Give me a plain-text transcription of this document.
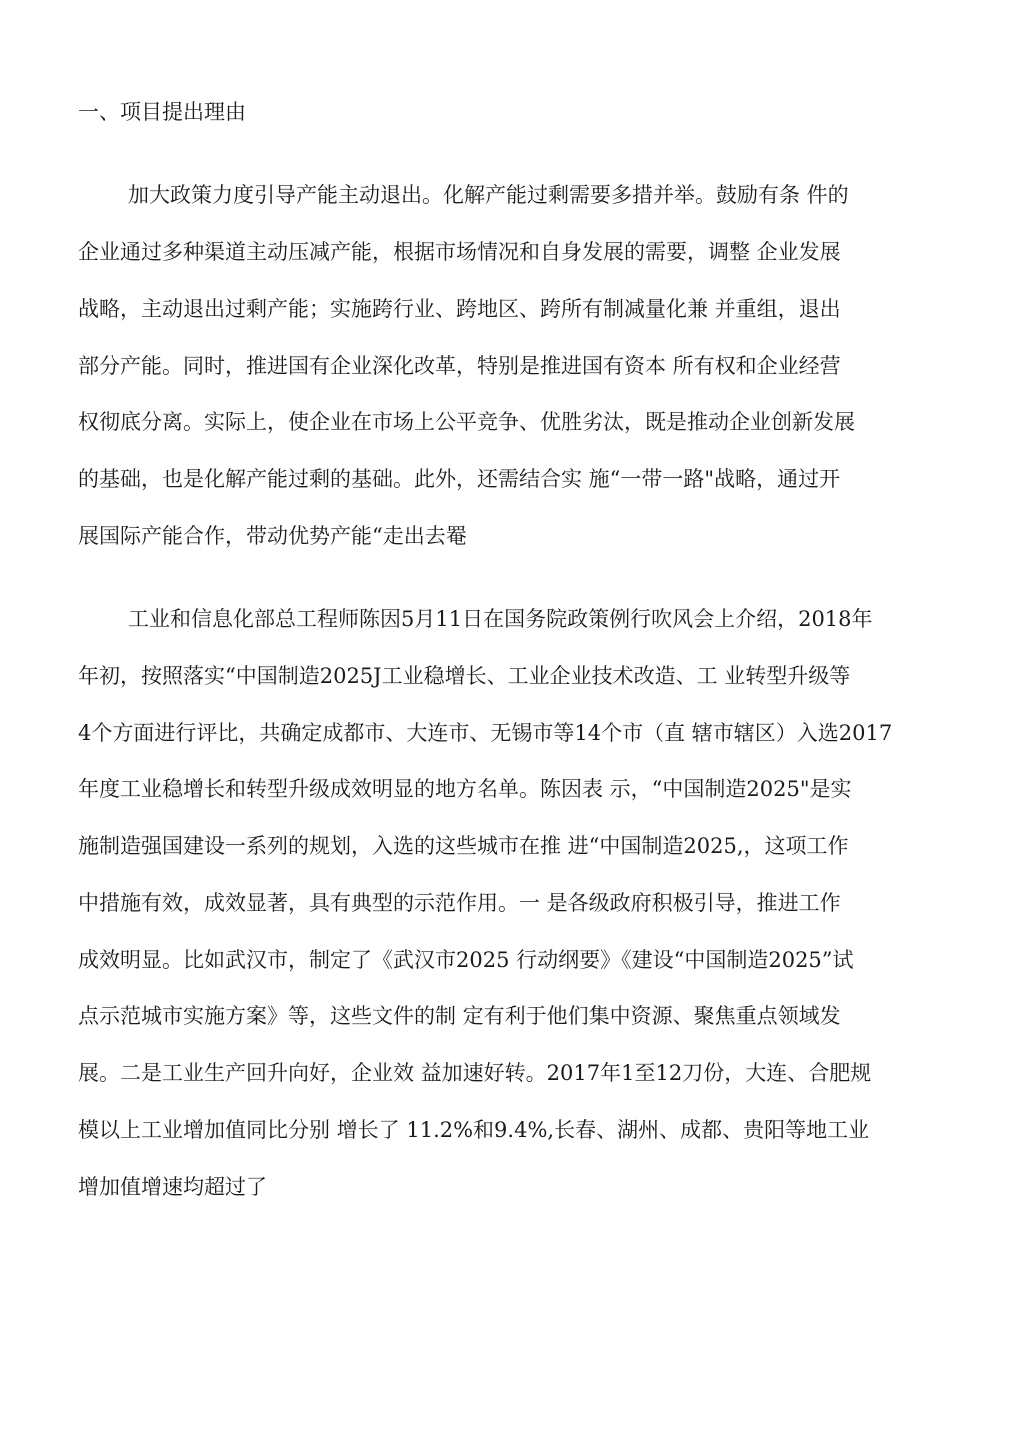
一、项目提出理由
加大政策力度引导产能主动退出。化解产能过剩需要多措并举。鼓励有条 件的
企业通过多种渠道主动压减产能，根据市场情况和自身发展的需要，调整 企业发展
战略，主动退出过剩产能；实施跨行业、跨地区、跨所有制减量化兼 并重组，退出
部分产能。同时，推进国有企业深化改革，特别是推进国有资本 所有权和企业经营
权彻底分离。实际上，使企业在市场上公平竞争、优胜劣汰，既是推动企业创新发展
的基础，也是化解产能过剩的基础。此外，还需结合实 施“一带一路"战略，通过开
展国际产能合作，带动优势产能“走出去罨
工业和信息化部总工程师陈因5月11日在国务院政策例行吹风会上介绍，2018年
年初，按照落实“中国制造2025J工业稳增长、工业企业技术改造、工 业转型升级等
4个方面进行评比，共确定成都市、大连市、无锡市等14个市（直 辖市辖区）入选2017
年度工业稳增长和转型升级成效明显的地方名单。陈因表 示，“中国制造2025"是实
施制造强国建设一系列的规划，入选的这些城市在推 进“中国制造2025,，这项工作
中措施有效，成效显著，具有典型的示范作用。一 是各级政府积极引导，推进工作
成效明显。比如武汉市，制定了《武汉市2025 行动纲要》《建设“中国制造2025”试
点示范城市实施方案》等，这些文件的制 定有利于他们集中资源、聚焦重点领域发
展。二是工业生产回升向好，企业效 益加速好转。2017年1至12刀份，大连、合肥规
模以上工业增加值同比分别 增长了 11.2%和9.4%,长春、湖州、成都、贵阳等地工业
增加值增速均超过了
